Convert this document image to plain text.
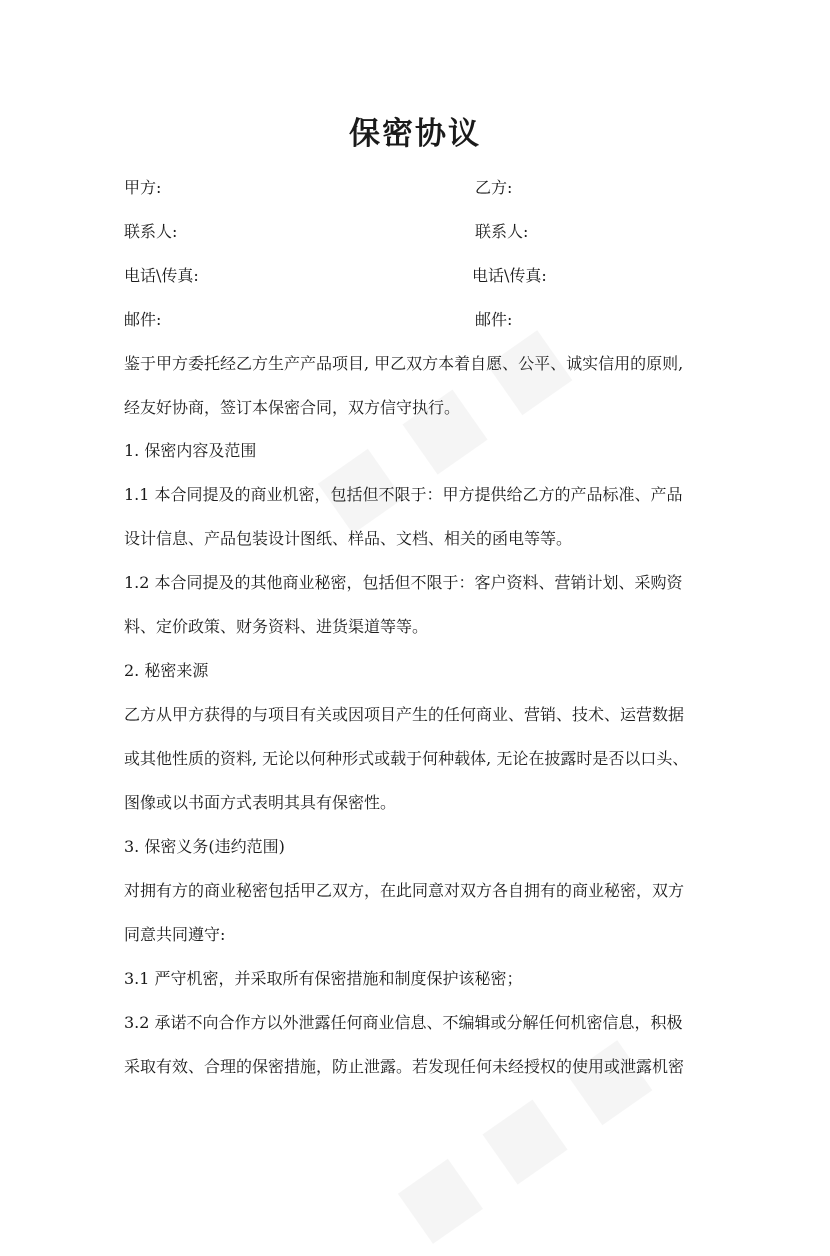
保密协议
甲方:	乙方:
联系人:	联系人:
电话\传真:	电话\传真:
邮件:	邮件:
鉴于甲方委托经乙方生产产品项目, 甲乙双方本着自愿、公平、诚实信用的原则,
经友好协商，签订本保密合同，双方信守执行。
1. 保密内容及范围
1.1 本合同提及的商业机密，包括但不限于：甲方提供给乙方的产品标准、产品
设计信息、产品包装设计图纸、样品、文档、相关的函电等等。
1.2 本合同提及的其他商业秘密，包括但不限于：客户资料、营销计划、采购资
料、定价政策、财务资料、进货渠道等等。
2. 秘密来源
乙方从甲方获得的与项目有关或因项目产生的任何商业、营销、技术、运营数据
或其他性质的资料, 无论以何种形式或载于何种载体, 无论在披露时是否以口头、
图像或以书面方式表明其具有保密性。
3. 保密义务(违约范围)
对拥有方的商业秘密包括甲乙双方，在此同意对双方各自拥有的商业秘密，双方
同意共同遵守:
3.1 严守机密，并采取所有保密措施和制度保护该秘密；
3.2 承诺不向合作方以外泄露任何商业信息、不编辑或分解任何机密信息，积极
采取有效、合理的保密措施，防止泄露。若发现任何未经授权的使用或泄露机密
